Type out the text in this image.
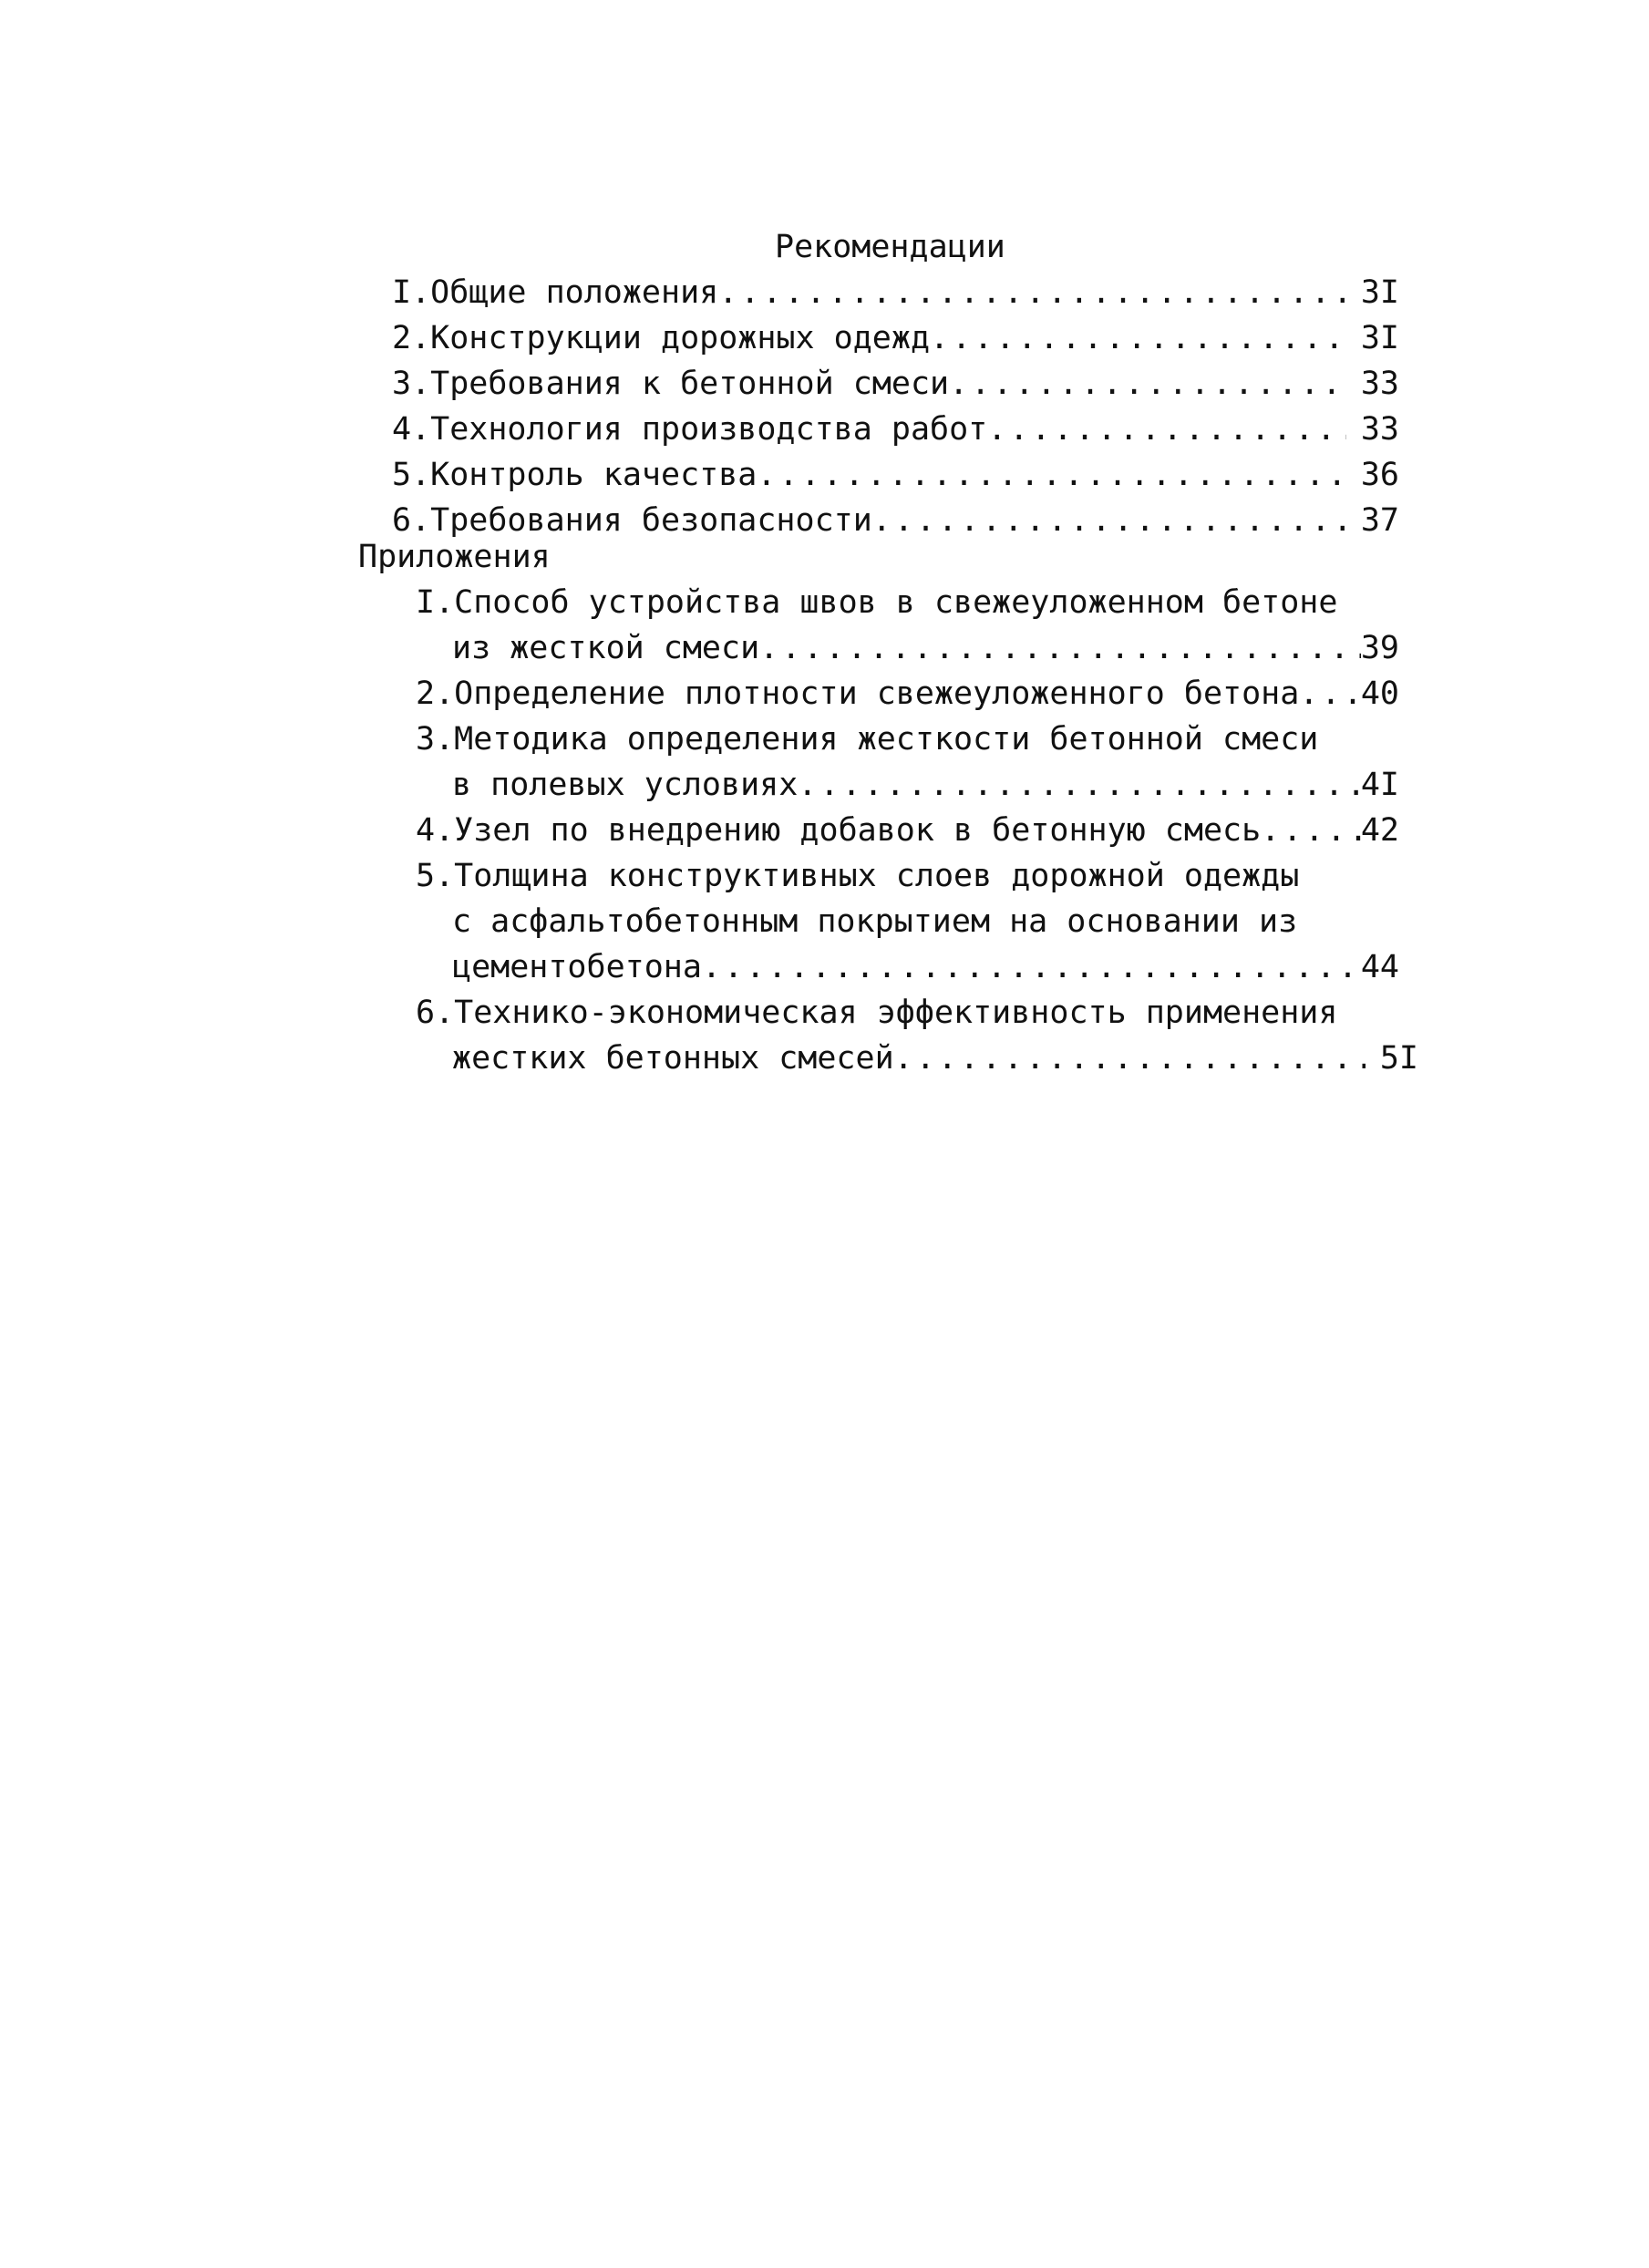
Рекомендации
I.Общие положения .....	3I
2.Конструкции дорожных одежд .....	3I
3.Требования к бетонной смеси .....	33
4.Технология производства работ .....	33
5.Контроль качества .....	36
6.Требования безопасности .....	37
Приложения
I.Способ устройства швов в свежеуложенном бетоне
из жесткой смеси .....	39
2.Определение плотности свежеуложенного бетона ..... 40
3.Методика определения жесткости бетонной смеси
в полевых условиях .....	4I
4.Узел по внедрению добавок в бетонную смесь .....	42
5.Толщина конструктивных слоев дорожной одежды
с асфальтобетонным покрытием на основании из
цементобетона .....	44
6.Технико-экономическая эффективность применения
жестких бетонных смесей .....	5I
